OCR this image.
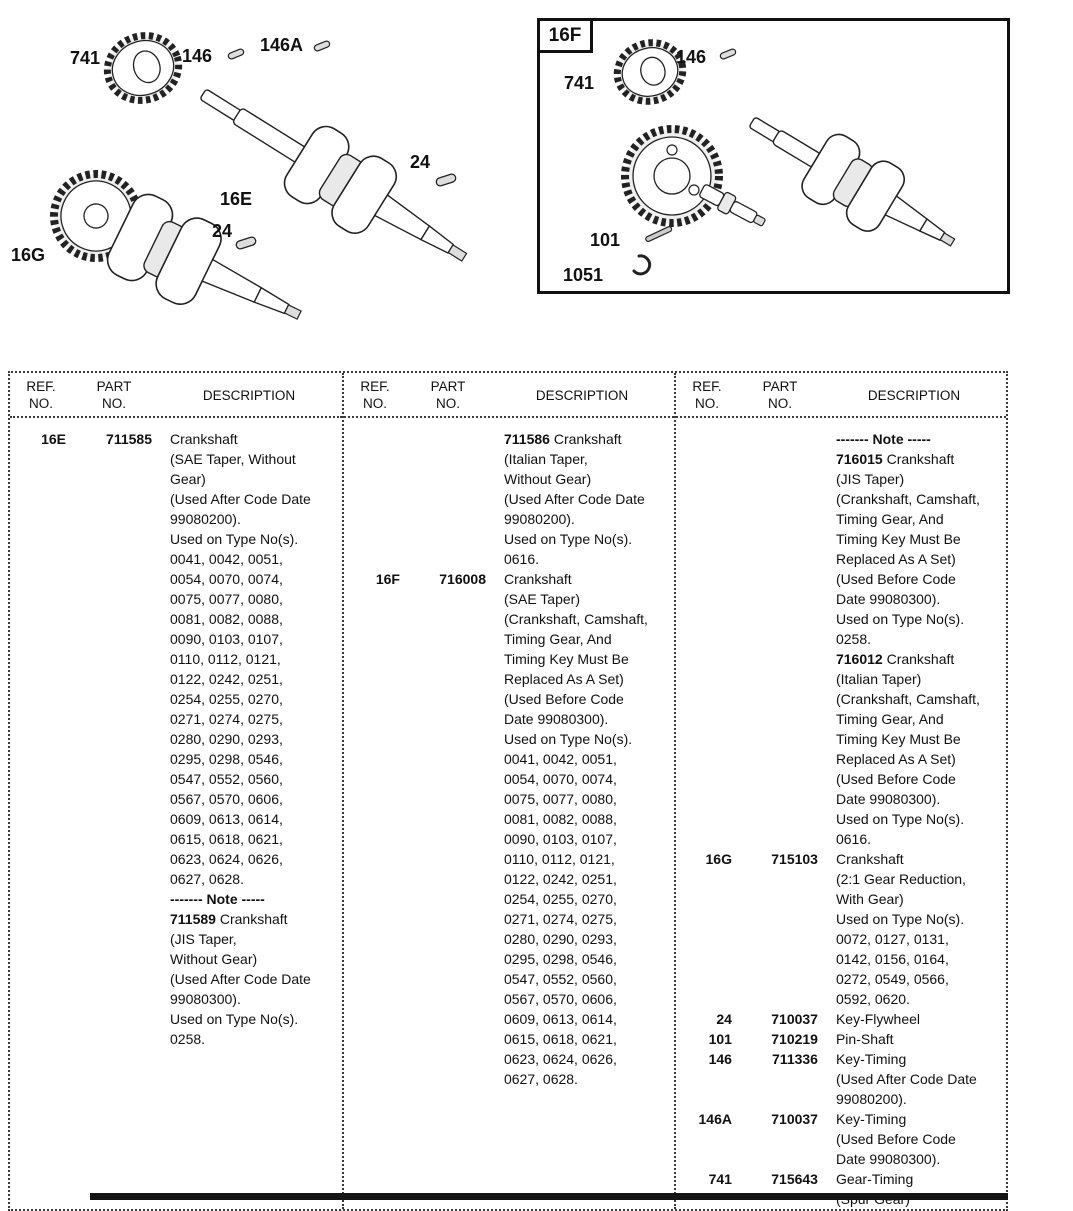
741	146
146A
24
16E
24
16G
16F
741
146
101
1051
REF.
NO.
PART
NO.
DESCRIPTION
16E	711585 Crankshaft
(SAE Taper, Without
Gear)
(Used After Code Date
99080200).
Used on Type No(s).
0041, 0042, 0051,
0054, 0070, 0074,
0075, 0077, 0080,
0081, 0082, 0088,
0090, 0103, 0107,
0110, 0112, 0121,
0122, 0242, 0251,
0254, 0255, 0270,
0271, 0274, 0275,
0280, 0290, 0293,
0295, 0298, 0546,
0547, 0552, 0560,
0567, 0570, 0606,
0609, 0613, 0614,
0615, 0618, 0621,
0623, 0624, 0626,
0627, 0628.
------- Note -----
711589 Crankshaft
(JIS Taper,
Without Gear)
(Used After Code Date
99080300).
Used on Type No(s).
0258.
REF.
NO.
PART
NO.
DESCRIPTION
711586 Crankshaft
(Italian Taper,
Without Gear)
(Used After Code Date
99080200).
Used on Type No(s).
0616.
16F	716008 Crankshaft
(SAE Taper)
(Crankshaft, Camshaft,
Timing Gear, And
Timing Key Must Be
Replaced As A Set)
(Used Before Code
Date 99080300).
Used on Type No(s).
0041, 0042, 0051,
0054, 0070, 0074,
0075, 0077, 0080,
0081, 0082, 0088,
0090, 0103, 0107,
0110, 0112, 0121,
0122, 0242, 0251,
0254, 0255, 0270,
0271, 0274, 0275,
0280, 0290, 0293,
0295, 0298, 0546,
0547, 0552, 0560,
0567, 0570, 0606,
0609, 0613, 0614,
0615, 0618, 0621,
0623, 0624, 0626,
0627, 0628.
REF.
NO.
PART
NO.
DESCRIPTION
------- Note -----
716015 Crankshaft
(JIS Taper)
(Crankshaft, Camshaft,
Timing Gear, And
Timing Key Must Be
Replaced As A Set)
(Used Before Code
Date 99080300).
Used on Type No(s).
0258.
716012 Crankshaft
(Italian Taper)
(Crankshaft, Camshaft,
Timing Gear, And
Timing Key Must Be
Replaced As A Set)
(Used Before Code
Date 99080300).
Used on Type No(s).
0616.
16G	715103 Crankshaft
(2:1 Gear Reduction,
With Gear)
Used on Type No(s).
0072, 0127, 0131,
0142, 0156, 0164,
0272, 0549, 0566,
0592, 0620.
24	710037 Key-Flywheel
101	710219 Pin-Shaft
146	711336 Key-Timing
(Used After Code Date
99080200).
146A	710037 Key-Timing
(Used Before Code
Date 99080300).
741	715643 Gear-Timing
